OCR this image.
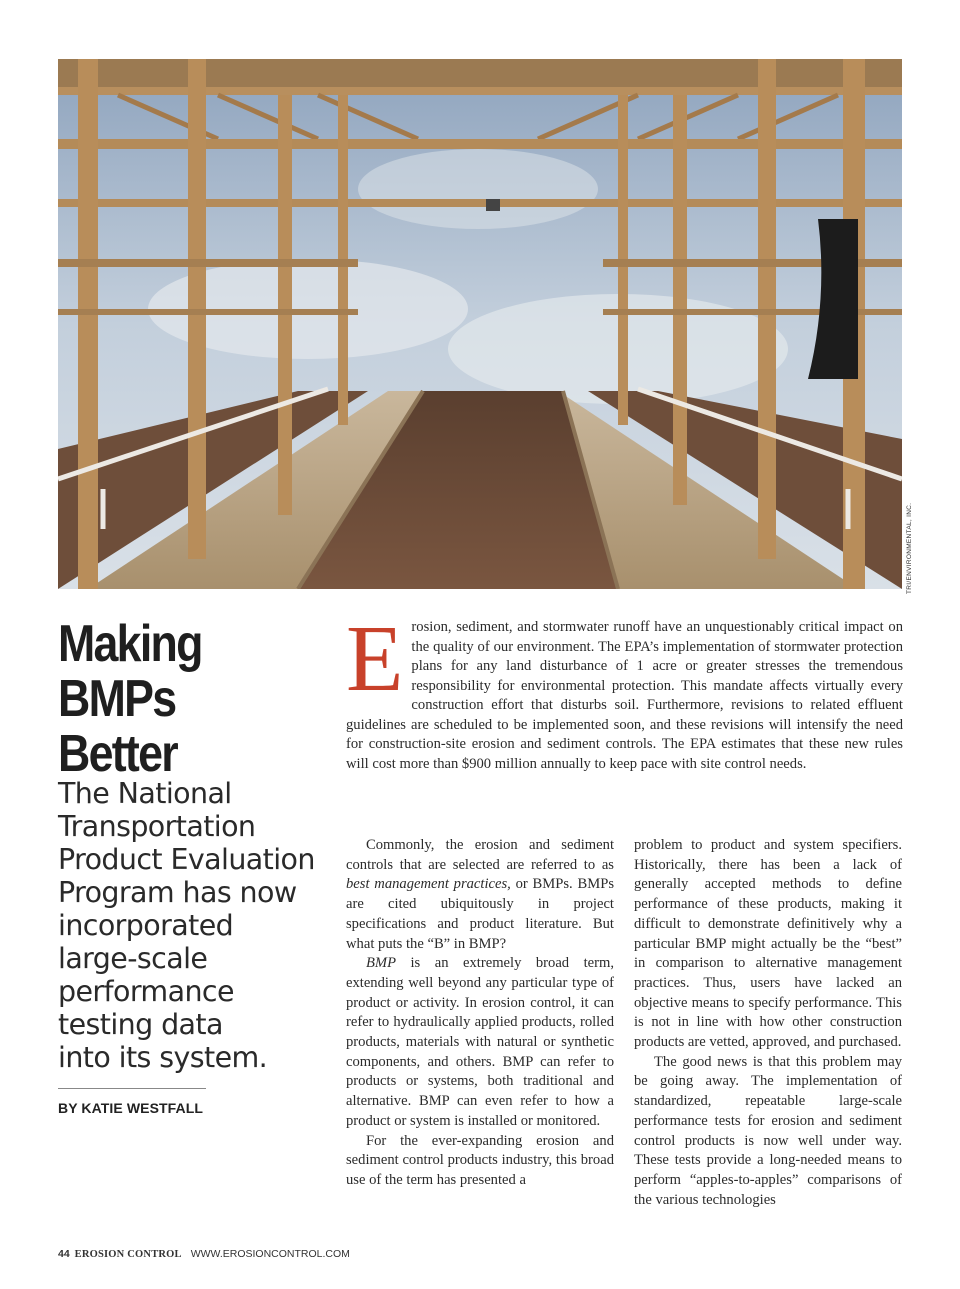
TRI/ENVIRONMENTAL, INC.
Making
BMPs
Better
The National
Transportation
Product Evaluation
Program has now
incorporated
large-scale
performance
testing data
into its system.
BY KATIE WESTFALL
E rosion, sediment, and stormwater runoff have an unquestionably critical impact on the quality of our environment. The EPA’s implementation of stormwater protection plans for any land disturbance of 1 acre or greater stresses the tremendous responsibility for environmental protection. This mandate affects virtually every construction effort that disturbs soil. Furthermore, revisions to related effluent guidelines are scheduled to be implemented soon, and these revisions will intensify the need for construction-site erosion and sediment controls. The EPA estimates that these new rules will cost more than $900 million annually to keep pace with site control needs.

Commonly, the erosion and sediment controls that are selected are referred to as best management practices, or BMPs. BMPs are cited ubiquitously in project specifications and product literature. But what puts the “B” in BMP?

BMP is an extremely broad term, extending well beyond any particular type of product or activity. In erosion control, it can refer to hydraulically applied products, rolled products, materials with natural or synthetic components, and others. BMP can refer to products or systems, both traditional and alternative. BMP can even refer to how a product or system is installed or monitored.

For the ever-expanding erosion and sediment control products industry, this broad use of the term has presented a

problem to product and system specifiers. Historically, there has been a lack of generally accepted methods to define performance of these products, making it difficult to demonstrate definitively why a particular BMP might actually be the “best” in comparison to alternative management practices. Thus, users have lacked an objective means to specify performance. This is not in line with how other construction products are vetted, approved, and purchased.

The good news is that this problem may be going away. The implementation of standardized, repeatable large-scale performance tests for erosion and sediment control products is now well under way. These tests provide a long-needed means to perform “apples-to-apples” comparisons of the various technologies

44 EROSION CONTROL WWW.EROSIONCONTROL.COM
